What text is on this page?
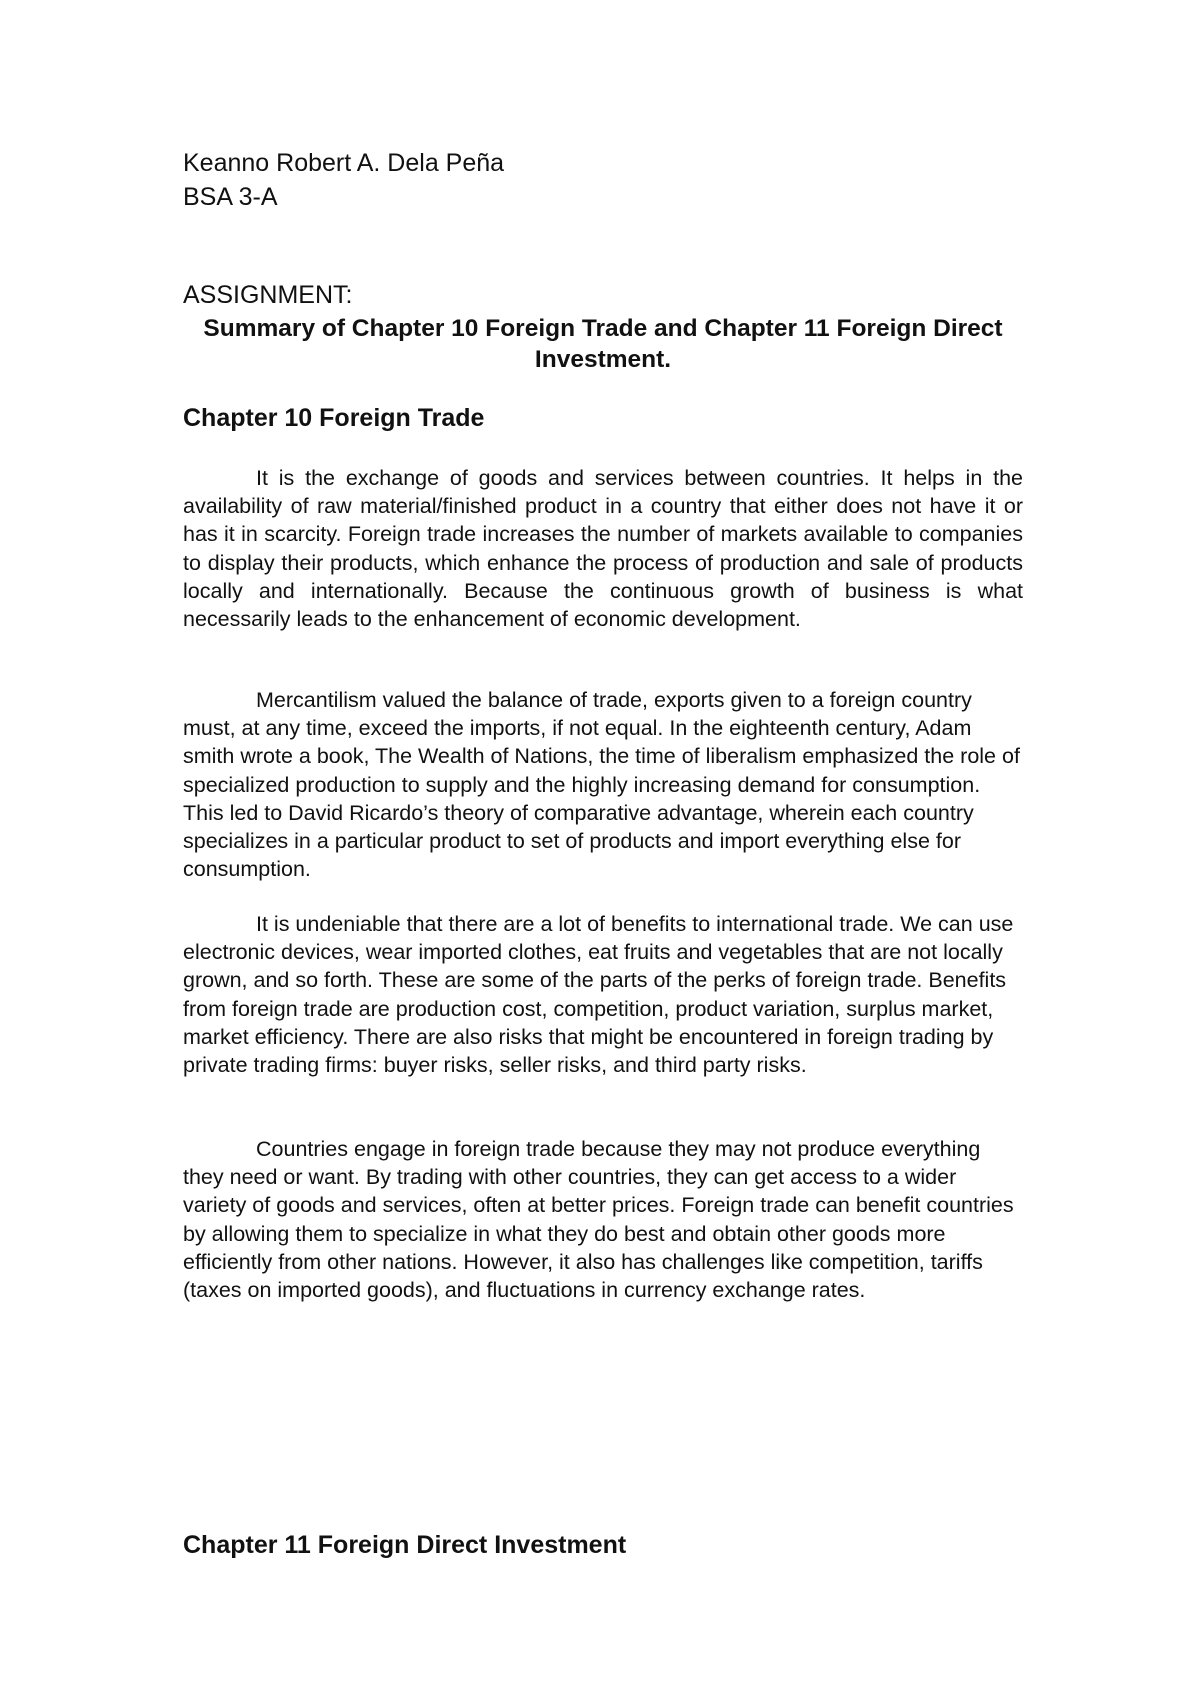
Keanno Robert A. Dela Peña
BSA 3-A
ASSIGNMENT:
Summary of Chapter 10 Foreign Trade and Chapter 11 Foreign Direct Investment.
Chapter 10 Foreign Trade

It is the exchange of goods and services between countries. It helps in the availability of raw material/finished product in a country that either does not have it or has it in scarcity. Foreign trade increases the number of markets available to companies to display their products, which enhance the process of production and sale of products locally and internationally. Because the continuous growth of business is what necessarily leads to the enhancement of economic development.

Mercantilism valued the balance of trade, exports given to a foreign country must, at any time, exceed the imports, if not equal. In the eighteenth century, Adam smith wrote a book, The Wealth of Nations, the time of liberalism emphasized the role of specialized production to supply and the highly increasing demand for consumption. This led to David Ricardo’s theory of comparative advantage, wherein each country specializes in a particular product to set of products and import everything else for consumption.

It is undeniable that there are a lot of benefits to international trade. We can use electronic devices, wear imported clothes, eat fruits and vegetables that are not locally grown, and so forth. These are some of the parts of the perks of foreign trade. Benefits from foreign trade are production cost, competition, product variation, surplus market, market efficiency. There are also risks that might be encountered in foreign trading by private trading firms: buyer risks, seller risks, and third party risks.

Countries engage in foreign trade because they may not produce everything they need or want. By trading with other countries, they can get access to a wider variety of goods and services, often at better prices. Foreign trade can benefit countries by allowing them to specialize in what they do best and obtain other goods more efficiently from other nations. However, it also has challenges like competition, tariffs (taxes on imported goods), and fluctuations in currency exchange rates.

Chapter 11 Foreign Direct Investment
